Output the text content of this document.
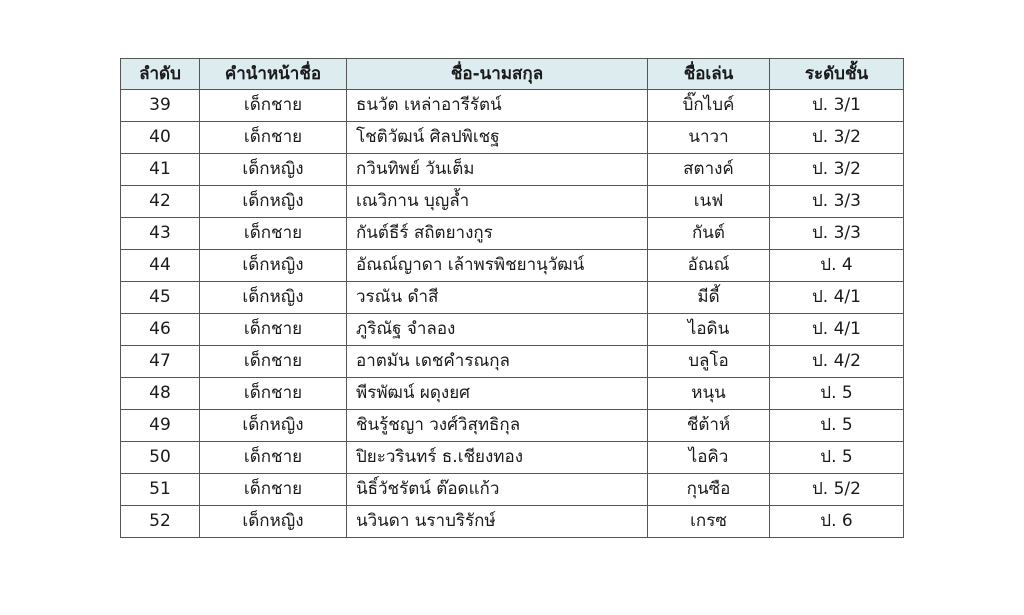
ลำดับ	คำนำหน้าชื่อ	ชื่อ-นามสกุล	ชื่อเล่น	ระดับชั้น
39	เด็กชาย	ธนวัต เหล่าอารีรัตน์	บิ๊กไบค์	ป. 3/1
40	เด็กชาย	โชติวัฒน์ ศิลปพิเชฐ	นาวา	ป. 3/2
41	เด็กหญิง	กวินทิพย์ วันเต็ม	สตางค์	ป. 3/2
42	เด็กหญิง	เณวิกาน บุญล้ำ	เนฟ	ป. 3/3
43	เด็กชาย	กันต์ธีร์ สถิตยางกูร	กันต์	ป. 3/3
44	เด็กหญิง	อัณณ์ญาดา เล้าพรพิชยานุวัฒน์	อัณณ์	ป. 4
45	เด็กหญิง	วรณัน ดำสี	มีดี้	ป. 4/1
46	เด็กชาย	ภูริณัฐ จำลอง	ไอดิน	ป. 4/1
47	เด็กชาย	อาตมัน เดชคำรณกุล	บลูโอ	ป. 4/2
48	เด็กชาย	พีรพัฒน์ ผดุงยศ	หนุน	ป. 5
49	เด็กหญิง	ชินรู้ชญา วงศ์วิสุทธิกุล	ชีต้าห์	ป. 5
50	เด็กชาย	ปิยะวรินทร์ ธ.เชียงทอง	ไอคิว	ป. 5
51	เด็กชาย	นิธิ์วัชรัตน์ ต๊อดแก้ว	กุนซือ	ป. 5/2
52	เด็กหญิง	นวินดา นราบริรักษ์	เกรซ	ป. 6
